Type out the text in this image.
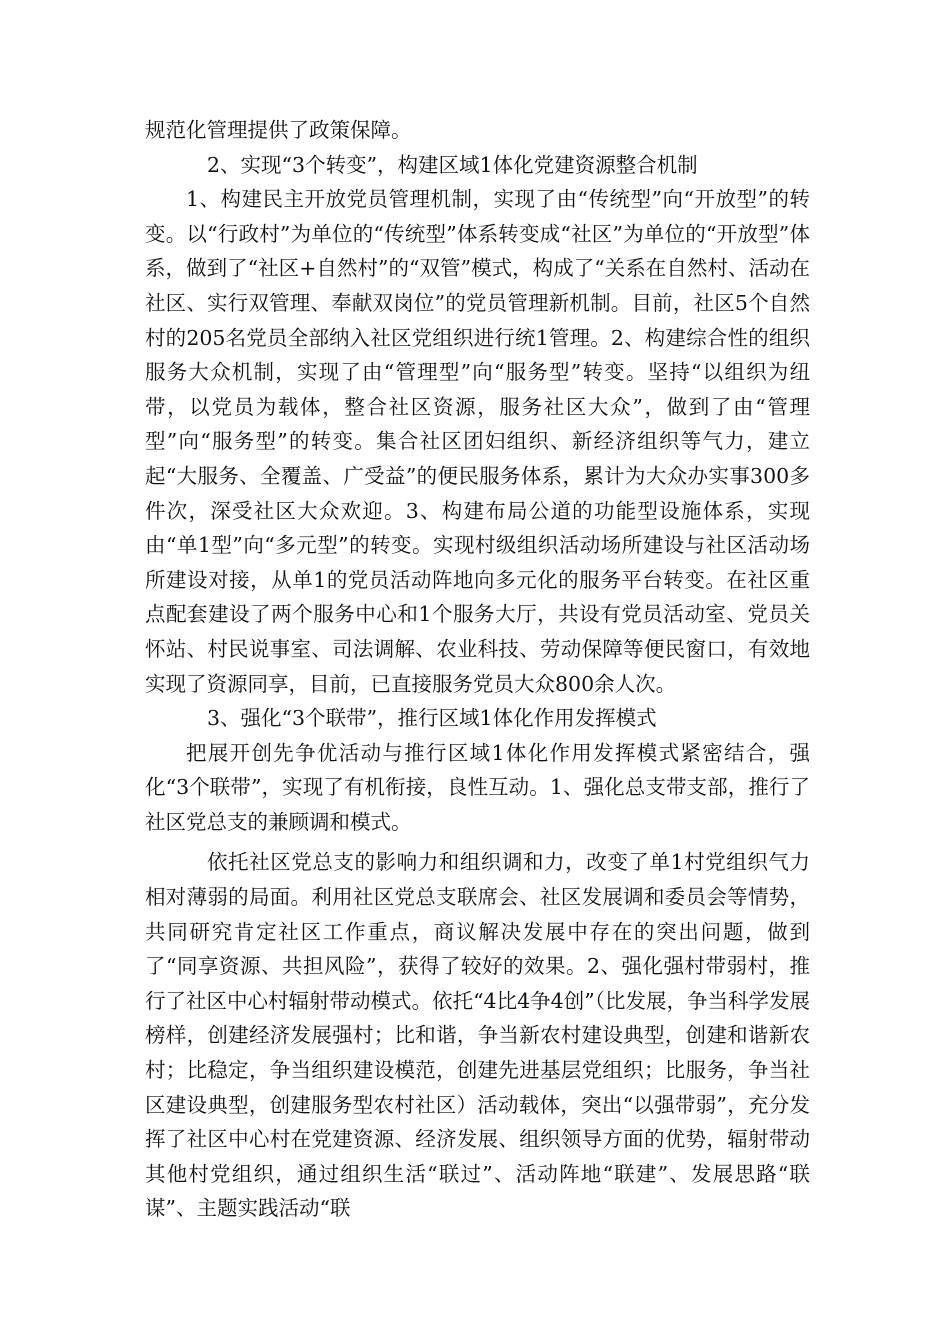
规范化管理提供了政策保障。

2、实现“3个转变”，构建区域1体化党建资源整合机制

1、构建民主开放党员管理机制，实现了由“传统型”向“开放型”的转变。以“行政村”为单位的“传统型”体系转变成“社区”为单位的“开放型”体系，做到了“社区+自然村”的“双管”模式，构成了“关系在自然村、活动在社区、实行双管理、奉献双岗位”的党员管理新机制。目前，社区5个自然村的205名党员全部纳入社区党组织进行统1管理。2、构建综合性的组织服务大众机制，实现了由“管理型”向“服务型”转变。坚持“以组织为纽带，以党员为载体，整合社区资源，服务社区大众”，做到了由“管理型”向“服务型”的转变。集合社区团妇组织、新经济组织等气力，建立起“大服务、全覆盖、广受益”的便民服务体系，累计为大众办实事300多件次，深受社区大众欢迎。3、构建布局公道的功能型设施体系，实现由“单1型”向“多元型”的转变。实现村级组织活动场所建设与社区活动场所建设对接，从单1的党员活动阵地向多元化的服务平台转变。在社区重点配套建设了两个服务中心和1个服务大厅，共设有党员活动室、党员关怀站、村民说事室、司法调解、农业科技、劳动保障等便民窗口，有效地实现了资源同享，目前，已直接服务党员大众800余人次。

3、强化“3个联带”，推行区域1体化作用发挥模式

把展开创先争优活动与推行区域1体化作用发挥模式紧密结合，强化“3个联带”，实现了有机衔接，良性互动。1、强化总支带支部，推行了社区党总支的兼顾调和模式。

依托社区党总支的影响力和组织调和力，改变了单1村党组织气力相对薄弱的局面。利用社区党总支联席会、社区发展调和委员会等情势，共同研究肯定社区工作重点，商议解决发展中存在的突出问题，做到了“同享资源、共担风险”，获得了较好的效果。2、强化强村带弱村，推行了社区中心村辐射带动模式。依托“4比4争4创”（比发展，争当科学发展榜样，创建经济发展强村；比和谐，争当新农村建设典型，创建和谐新农村；比稳定，争当组织建设模范，创建先进基层党组织；比服务，争当社区建设典型，创建服务型农村社区）活动载体，突出“以强带弱”，充分发挥了社区中心村在党建资源、经济发展、组织领导方面的优势，辐射带动其他村党组织，通过组织生活“联过”、活动阵地“联建”、发展思路“联谋”、主题实践活动“联
